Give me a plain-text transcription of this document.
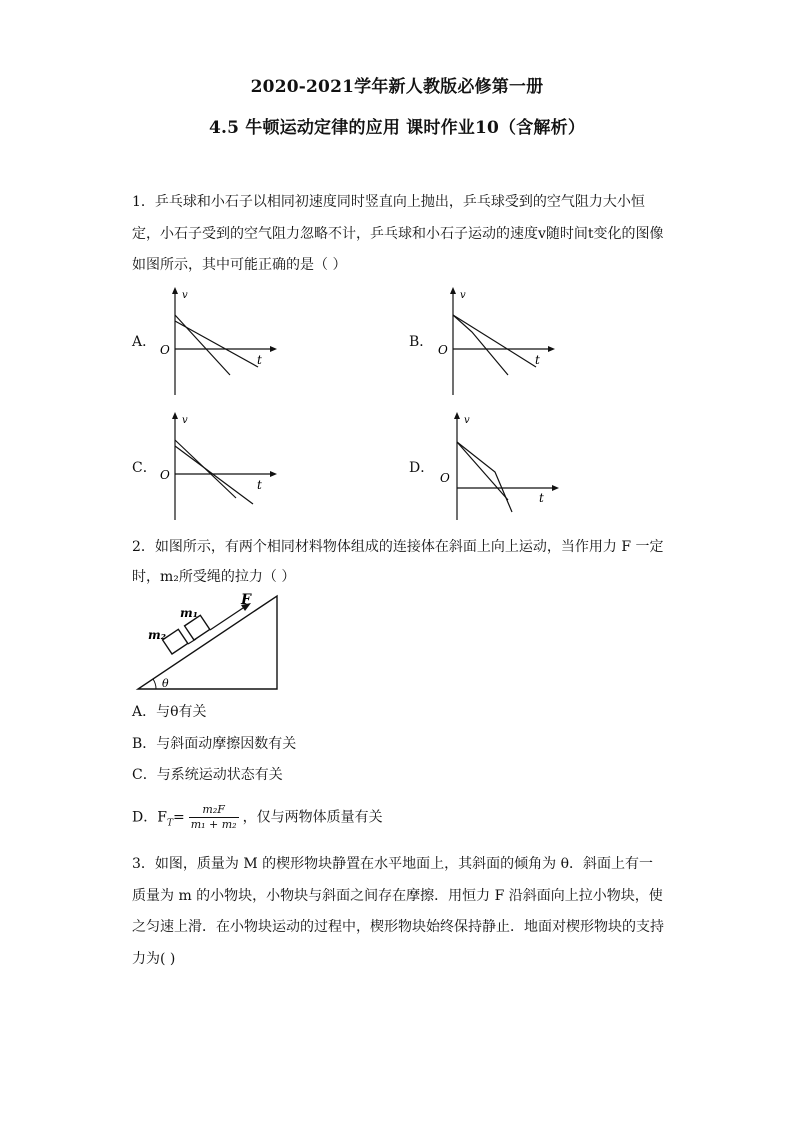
2020-2021学年新人教版必修第一册
4.5 牛顿运动定律的应用 课时作业10（含解析）
1．乒乓球和小石子以相同初速度同时竖直向上抛出，乒乓球受到的空气阻力大小恒定，小石子受到的空气阻力忽略不计，乒乓球和小石子运动的速度v随时间t变化的图像如图所示，其中可能正确的是（ ）
A．
v
t
O	B．
v
t
O
C．
v
t
O	D．
v
t
O
2．如图所示，有两个相同材料物体组成的连接体在斜面上向上运动，当作用力 F 一定
时，m₂所受绳的拉力（ ）
F
m₁
m₂
θ
A．与θ有关
B．与斜面动摩擦因数有关
C．与系统运动状态有关
D．$F_T= \frac{\text{m₂F}}{\text{m₁ + m₂}}$ ，仅与两物体质量有关
3．如图，质量为 M 的楔形物块静置在水平地面上，其斜面的倾角为 θ．斜面上有一质量为 m 的小物块，小物块与斜面之间存在摩擦．用恒力 F 沿斜面向上拉小物块，使之匀速上滑．在小物块运动的过程中，楔形物块始终保持静止．地面对楔形物块的支持力为( )
